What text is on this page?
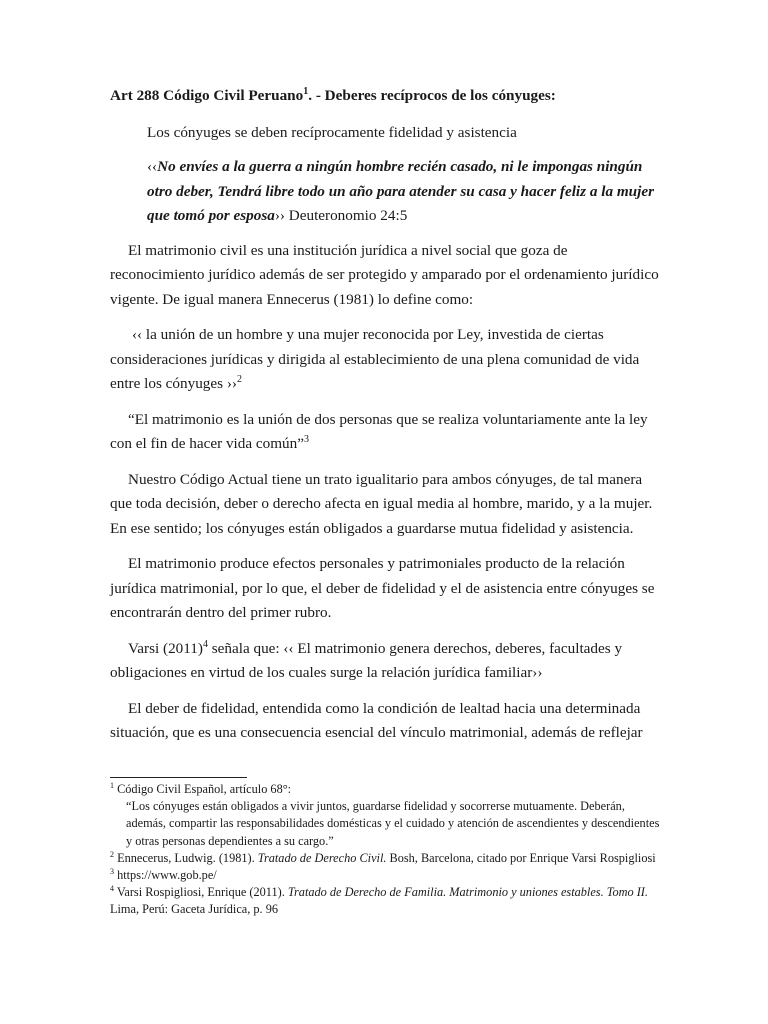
Art 288 Código Civil Peruano$^1$. - Deberes recíprocos de los cónyuges:

Los cónyuges se deben recíprocamente fidelidad y asistencia

‹‹No envíes a la guerra a ningún hombre recién casado, ni le impongas ningún otro deber, Tendrá libre todo un año para atender su casa y hacer feliz a la mujer que tomó por esposa›› Deuteronomio 24:5

El matrimonio civil es una institución jurídica a nivel social que goza de reconocimiento jurídico además de ser protegido y amparado por el ordenamiento jurídico vigente. De igual manera Ennecerus (1981) lo define como:

‹‹ la unión de un hombre y una mujer reconocida por Ley, investida de ciertas consideraciones jurídicas y dirigida al establecimiento de una plena comunidad de vida entre los cónyuges ››$^2$

“El matrimonio es la unión de dos personas que se realiza voluntariamente ante la ley con el fin de hacer vida común”$^3$

Nuestro Código Actual tiene un trato igualitario para ambos cónyuges, de tal manera que toda decisión, deber o derecho afecta en igual media al hombre, marido, y a la mujer. En ese sentido; los cónyuges están obligados a guardarse mutua fidelidad y asistencia.

El matrimonio produce efectos personales y patrimoniales producto de la relación jurídica matrimonial, por lo que, el deber de fidelidad y el de asistencia entre cónyuges se encontrarán dentro del primer rubro.

Varsi $(2011)^4$ señala que: ‹‹ El matrimonio genera derechos, deberes, facultades y obligaciones en virtud de los cuales surge la relación jurídica familiar››

El deber de fidelidad, entendida como la condición de lealtad hacia una determinada situación, que es una consecuencia esencial del vínculo matrimonial, además de reflejar

$^1$ Código Civil Español, artículo 68°:

“Los cónyuges están obligados a vivir juntos, guardarse fidelidad y socorrerse mutuamente. Deberán, además, compartir las responsabilidades domésticas y el cuidado y atención de ascendientes y descendientes y otras personas dependientes a su cargo.”

$^2$ Ennecerus, Ludwig. (1981). Tratado de Derecho Civil. Bosh, Barcelona, citado por Enrique Varsi Rospigliosi

$^3$ https://www.gob.pe/

$^4$ Varsi Rospigliosi, Enrique (2011). Tratado de Derecho de Familia. Matrimonio y uniones estables. Tomo II. Lima, Perú: Gaceta Jurídica, p. 96
